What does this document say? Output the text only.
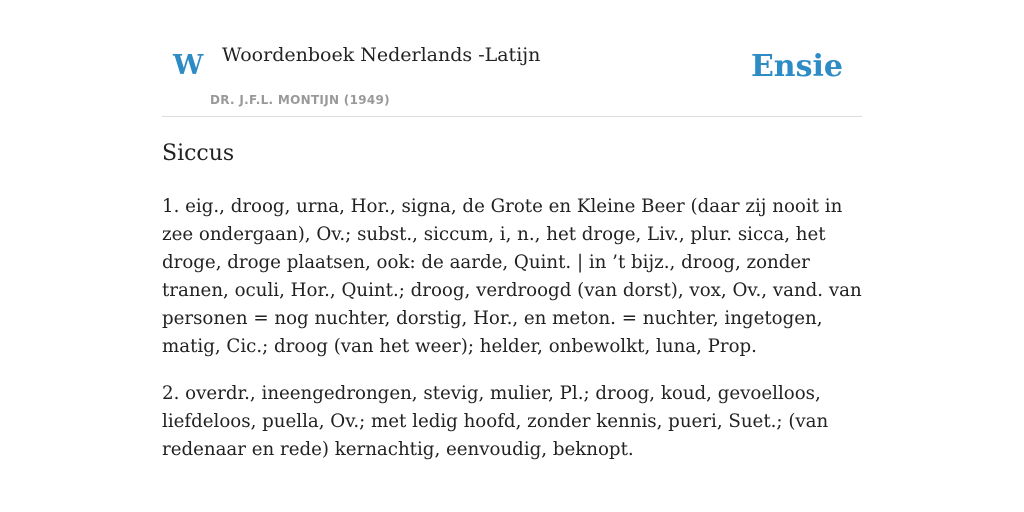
W Woordenboek Nederlands -Latijn
DR. J.F.L. MONTIJN (1949)
Ensie
Siccus

1. eig., droog, urna, Hor., signa, de Grote en Kleine Beer (daar zij nooit in zee ondergaan), Ov.; subst., siccum, i, n., het droge, Liv., plur. sicca, het droge, droge plaatsen, ook: de aarde, Quint. | in ’t bijz., droog, zonder tranen, oculi, Hor., Quint.; droog, verdroogd (van dorst), vox, Ov., vand. van personen = nog nuchter, dorstig, Hor., en meton. = nuchter, ingetogen, matig, Cic.; droog (van het weer); helder, onbewolkt, luna, Prop.

2. overdr., ineengedrongen, stevig, mulier, Pl.; droog, koud, gevoelloos, liefdeloos, puella, Ov.; met ledig hoofd, zonder kennis, pueri, Suet.; (van redenaar en rede) kernachtig, eenvoudig, beknopt.
